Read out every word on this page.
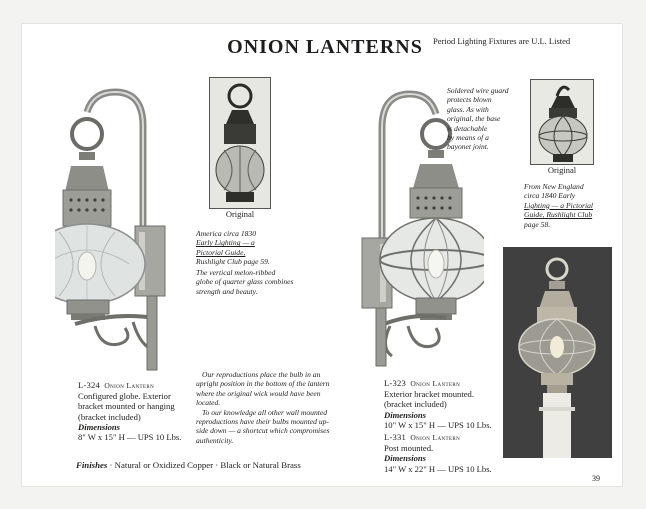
ONION LANTERNS	Period Lighting Fixtures are U.L. Listed
Original
America circa 1830
Early Lighting — a
Pictorial Guide,
Rushlight Club page 59.
The vertical melon-ribbed
globe of quarter glass combines
strength and beauty.
Soldered wire guard
protects blown
glass. As with
original, the base
is detachable
by means of a
bayonet joint.
Original
From New England
circa 1840 Early
Lighting — a Pictorial
Guide, Rushlight Club
page 58.
Our reproductions place the bulb in an
upright position in the bottom of the lantern
where the original wick would have been
located.
To our knowledge all other wall mounted
reproductions have their bulbs mounted up-
side down — a shortcut which compromises
authenticity.
L-324 Onion Lantern
Configured globe. Exterior
bracket mounted or hanging
(bracket included)
Dimensions
8" W x 15" H — UPS 10 Lbs.
L-323 Onion Lantern
Exterior bracket mounted.
(bracket included)
Dimensions
10" W x 15" H — UPS 10 Lbs.
L-331 Onion Lantern
Post mounted.
Dimensions
14" W x 22" H — UPS 10 Lbs.
Finishes · Natural or Oxidized Copper · Black or Natural Brass
39
